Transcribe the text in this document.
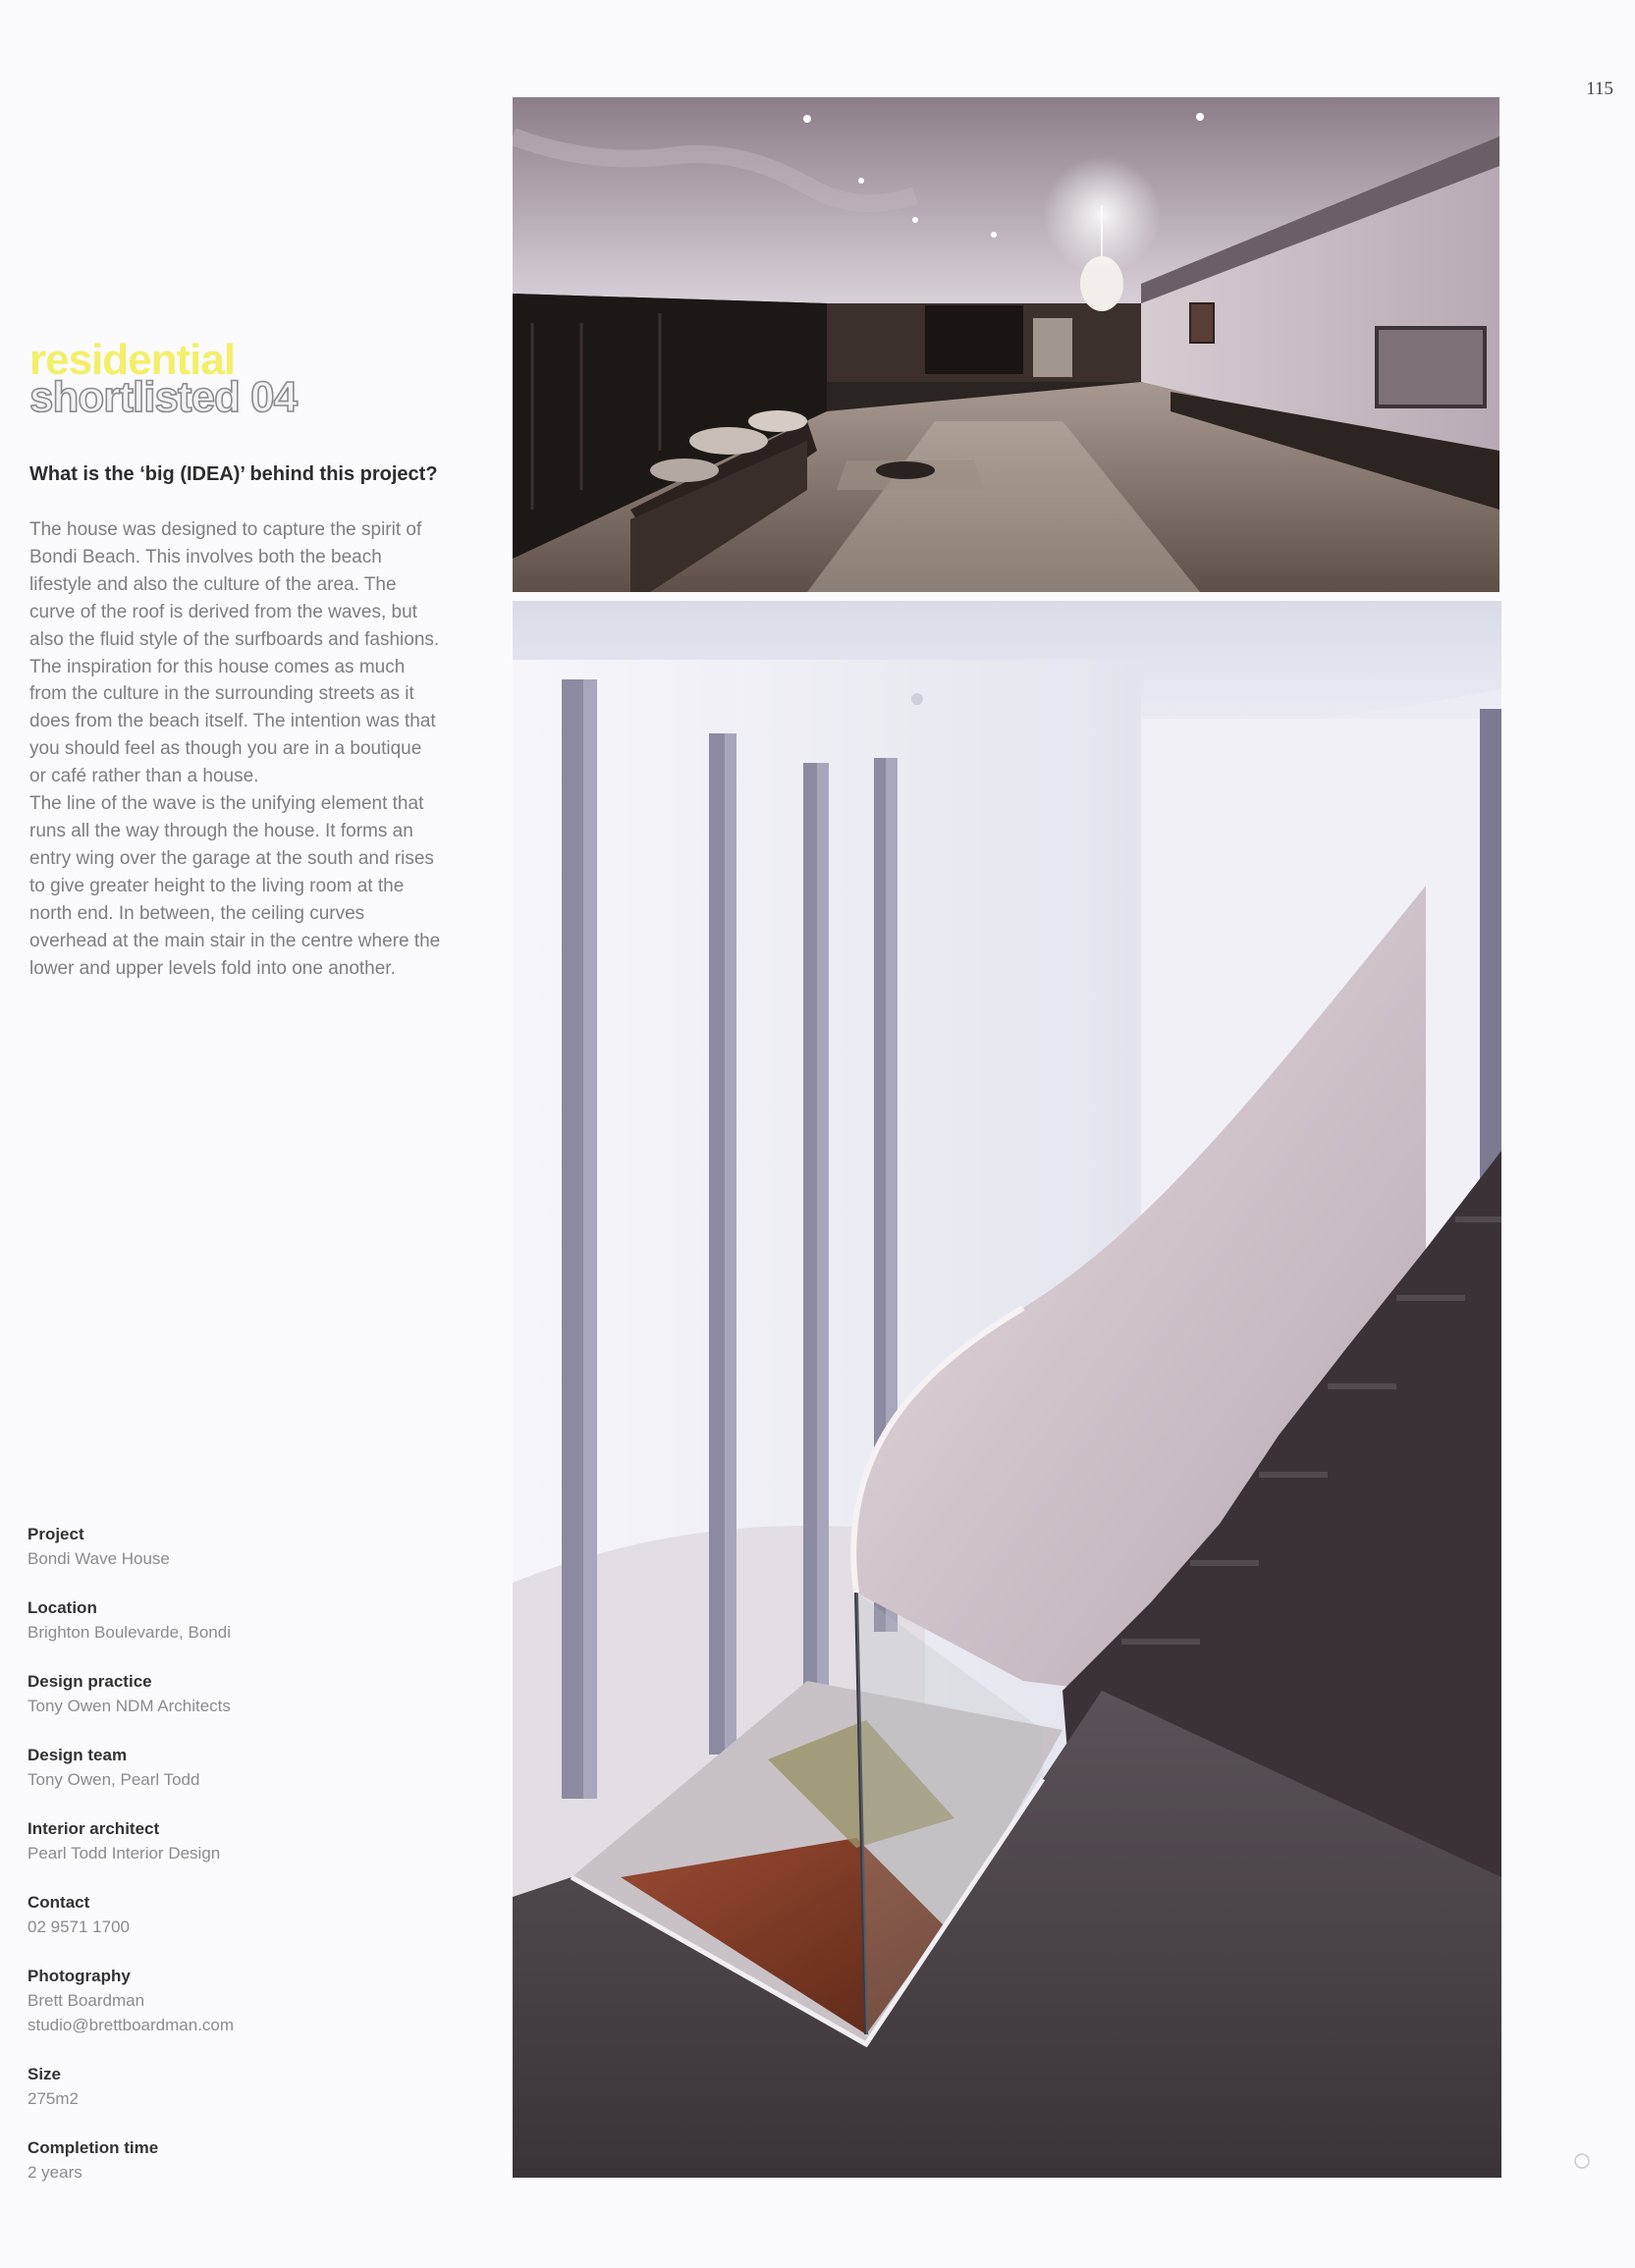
115
residential
shortlisted 04
What is the ‘big (IDEA)’ behind this project?

The house was designed to capture the spirit of Bondi Beach. This involves both the beach lifestyle and also the culture of the area. The curve of the roof is derived from the waves, but also the fluid style of the surfboards and fashions.

The inspiration for this house comes as much from the culture in the surrounding streets as it does from the beach itself. The intention was that you should feel as though you are in a boutique or café rather than a house.

The line of the wave is the unifying element that runs all the way through the house. It forms an entry wing over the garage at the south and rises to give greater height to the living room at the north end. In between, the ceiling curves overhead at the main stair in the centre where the lower and upper levels fold into one another.

Project
Bondi Wave House
Location
Brighton Boulevarde, Bondi
Design practice
Tony Owen NDM Architects
Design team
Tony Owen, Pearl Todd
Interior architect
Pearl Todd Interior Design
Contact
02 9571 1700
Photography
Brett Boardman
studio@brettboardman.com
Size
275m2
Completion time
2 years
